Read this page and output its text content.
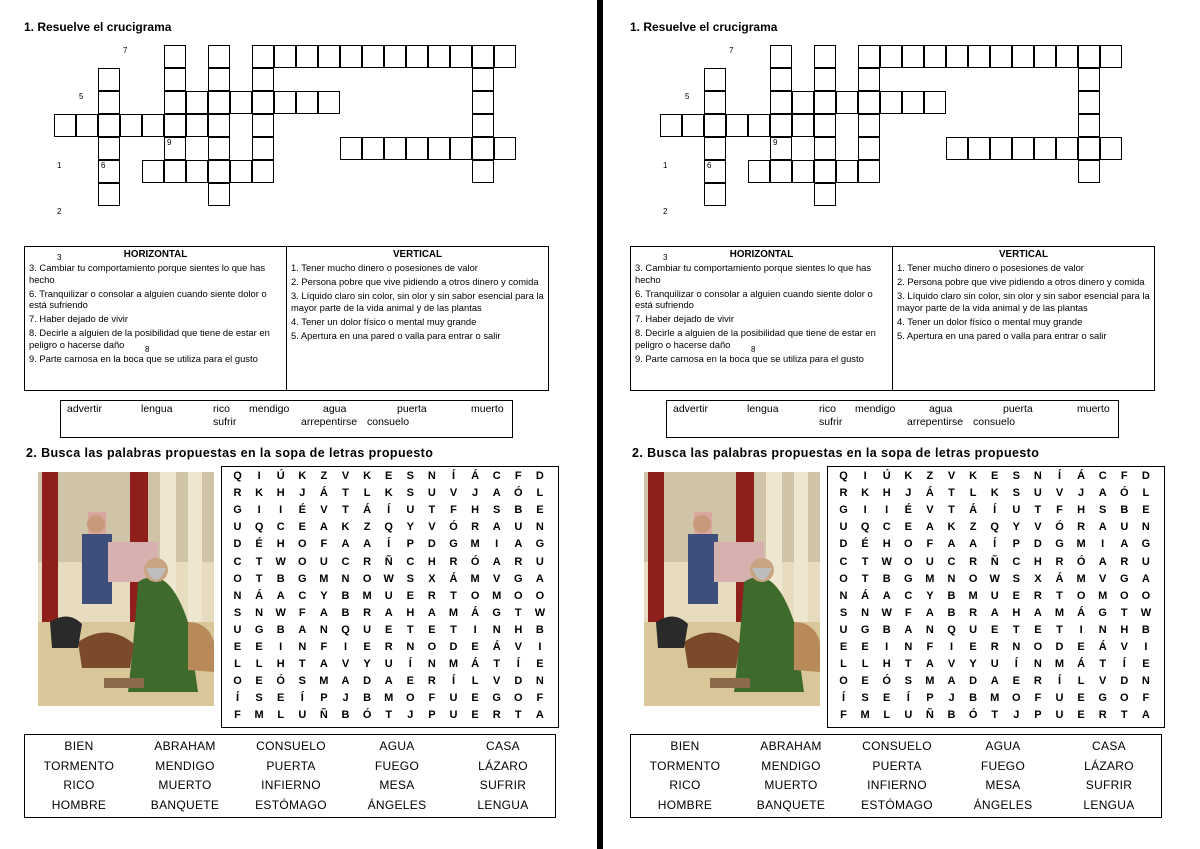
1. Resuelve el crucigrama
1
2
3
5
6
7
8
9
HORIZONTAL
3. Cambiar tu comportamiento porque sientes lo que has hecho
6. Tranquilizar o consolar a alguien cuando siente dolor o está sufriendo
7. Haber dejado de vivir
8. Decirle a alguien de la posibilidad que tiene de estar en peligro o hacerse daño
9. Parte carnosa en la boca que se utiliza para el gusto
VERTICAL
1. Tener mucho dinero o posesiones de valor
2. Persona pobre que vive pidiendo a otros dinero y comida
3. Líquido claro sin color, sin olor y sin sabor esencial para la mayor parte de la vida animal y de las plantas
4. Tener un dolor físico o mental muy grande
5. Apertura en una pared o valla para entrar o salir
advertir	lengua	rico mendigo	agua	puerta	muerto
sufrir	arrepentirse consuelo
2. Busca las palabras propuestas en la sopa de letras propuesto
Q	I	Ú	K	Z	V	K	E	S	N	Í	Á	C	F	D
R	K	H	J	Á	T	L	K	S	U	V	J	A	Ó	L
G	I	I	É	V	T	Á	Í	U	T	F	H	S	B	E
U	Q	C	E	A	K	Z	Q	Y	V	Ó	R	A	U	N
D	É	H	O	F	A	A	Í	P	D	G	M	I	A	G
C	T	W	O	U	C	R	Ñ	C	H	R	Ó	A	R	U
O	T	B	G	M	N	O	W	S	X	Á	M	V	G	A
N	Á	A	C	Y	B	M	U	E	R	T	O	M	O	O
S	N	W	F	A	B	R	A	H	A	M	Á	G	T	W
U	G	B	A	N	Q	U	E	T	E	T	I	N	H	B
E	E	I	N	F	I	E	R	N	O	D	E	Á	V	I
L	L	H	T	A	V	Y	U	Í	N	M	Á	T	Í	E
O	E	Ó	S	M	A	D	A	E	R	Í	L	V	D	N
Í	S	E	Í	P	J	B	M	O	F	U	E	G	O	F
F	M	L	U	Ñ	B	Ó	T	J	P	U	E	R	T	A
BIEN	ABRAHAM	CONSUELO	AGUA	CASA
TORMENTO	MENDIGO	PUERTA	FUEGO	LÁZARO
RICO	MUERTO	INFIERNO	MESA	SUFRIR
HOMBRE	BANQUETE	ESTÓMAGO	ÁNGELES	LENGUA
1. Resuelve el crucigrama
1
2
3
5
6
7
8
9
HORIZONTAL
3. Cambiar tu comportamiento porque sientes lo que has hecho
6. Tranquilizar o consolar a alguien cuando siente dolor o está sufriendo
7. Haber dejado de vivir
8. Decirle a alguien de la posibilidad que tiene de estar en peligro o hacerse daño
9. Parte carnosa en la boca que se utiliza para el gusto
VERTICAL
1. Tener mucho dinero o posesiones de valor
2. Persona pobre que vive pidiendo a otros dinero y comida
3. Líquido claro sin color, sin olor y sin sabor esencial para la mayor parte de la vida animal y de las plantas
4. Tener un dolor físico o mental muy grande
5. Apertura en una pared o valla para entrar o salir
advertir	lengua	rico mendigo	agua	puerta	muerto
sufrir	arrepentirse consuelo
2. Busca las palabras propuestas en la sopa de letras propuesto
Q	I	Ú	K	Z	V	K	E	S	N	Í	Á	C	F	D
R	K	H	J	Á	T	L	K	S	U	V	J	A	Ó	L
G	I	I	É	V	T	Á	Í	U	T	F	H	S	B	E
U	Q	C	E	A	K	Z	Q	Y	V	Ó	R	A	U	N
D	É	H	O	F	A	A	Í	P	D	G	M	I	A	G
C	T	W	O	U	C	R	Ñ	C	H	R	Ó	A	R	U
O	T	B	G	M	N	O	W	S	X	Á	M	V	G	A
N	Á	A	C	Y	B	M	U	E	R	T	O	M	O	O
S	N	W	F	A	B	R	A	H	A	M	Á	G	T	W
U	G	B	A	N	Q	U	E	T	E	T	I	N	H	B
E	E	I	N	F	I	E	R	N	O	D	E	Á	V	I
L	L	H	T	A	V	Y	U	Í	N	M	Á	T	Í	E
O	E	Ó	S	M	A	D	A	E	R	Í	L	V	D	N
Í	S	E	Í	P	J	B	M	O	F	U	E	G	O	F
F	M	L	U	Ñ	B	Ó	T	J	P	U	E	R	T	A
BIEN	ABRAHAM	CONSUELO	AGUA	CASA
TORMENTO	MENDIGO	PUERTA	FUEGO	LÁZARO
RICO	MUERTO	INFIERNO	MESA	SUFRIR
HOMBRE	BANQUETE	ESTÓMAGO	ÁNGELES	LENGUA
